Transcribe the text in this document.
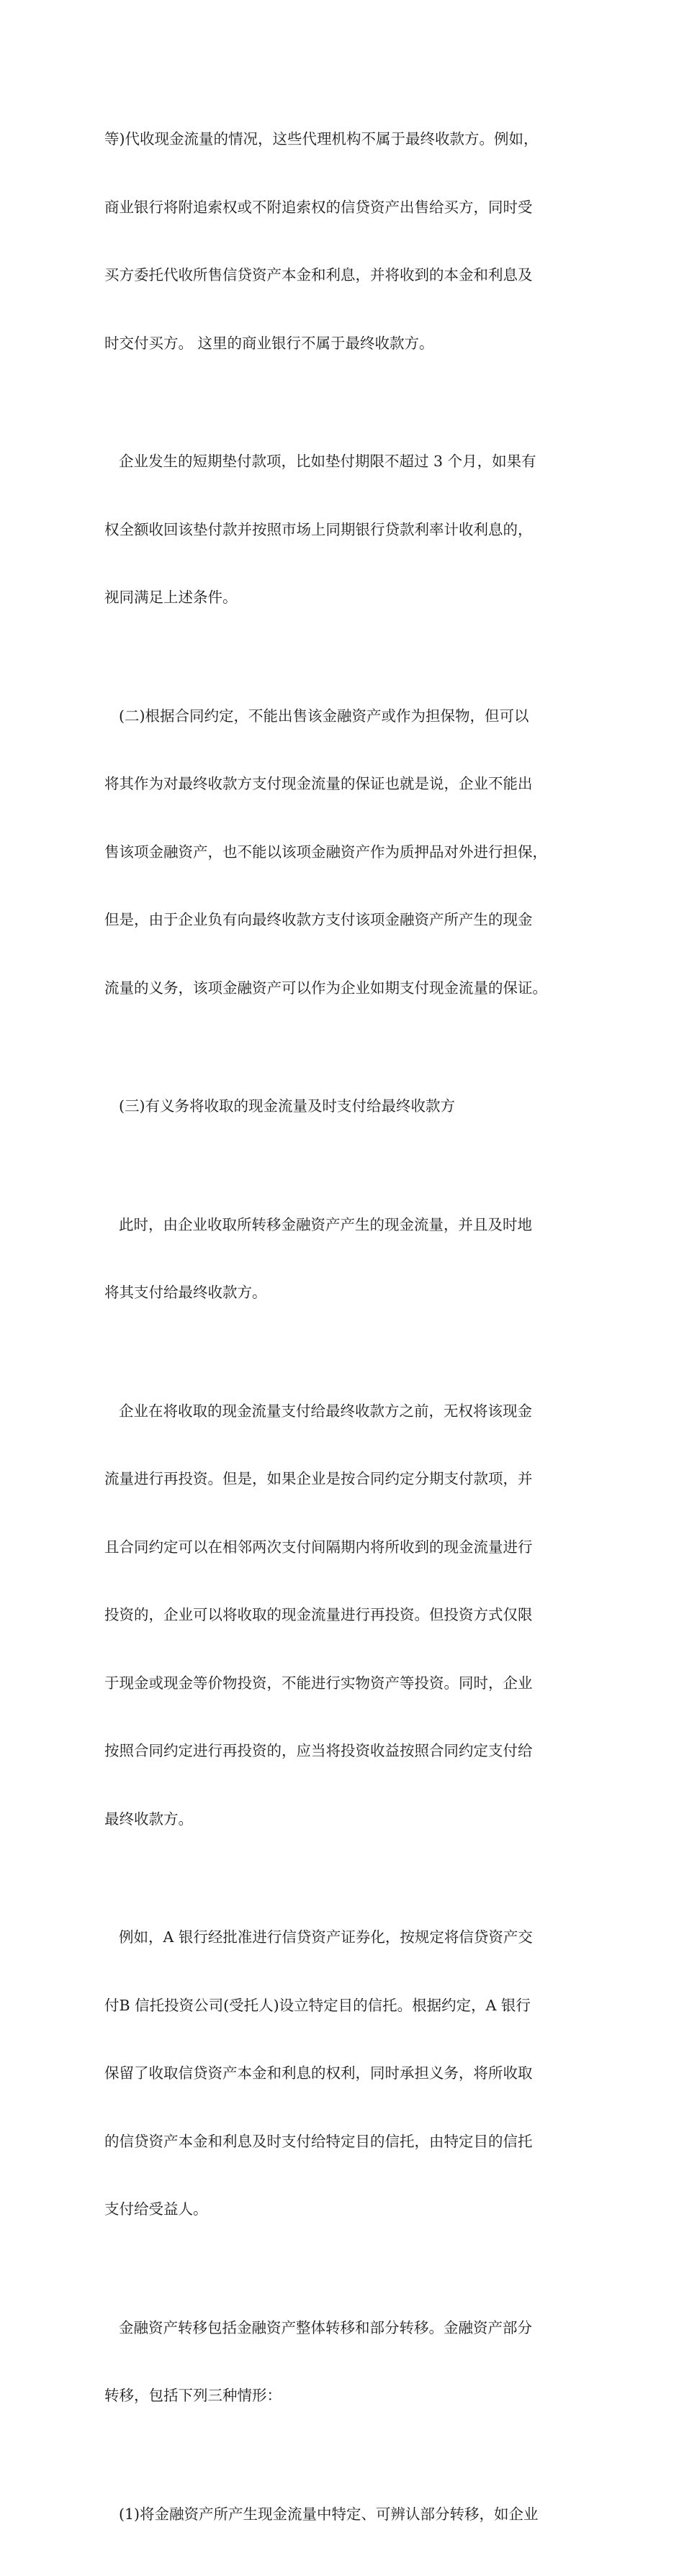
等)代收现金流量的情况，这些代理机构不属于最终收款方。例如，

商业银行将附追索权或不附追索权的信贷资产出售给买方，同时受

买方委托代收所售信贷资产本金和利息，并将收到的本金和利息及

时交付买方。 这里的商业银行不属于最终收款方。

企业发生的短期垫付款项，比如垫付期限不超过 3 个月，如果有

权全额收回该垫付款并按照市场上同期银行贷款利率计收利息的，

视同满足上述条件。

(二)根据合同约定，不能出售该金融资产或作为担保物，但可以

将其作为对最终收款方支付现金流量的保证也就是说，企业不能出

售该项金融资产，也不能以该项金融资产作为质押品对外进行担保，

但是，由于企业负有向最终收款方支付该项金融资产所产生的现金

流量的义务，该项金融资产可以作为企业如期支付现金流量的保证。

(三)有义务将收取的现金流量及时支付给最终收款方

此时，由企业收取所转移金融资产产生的现金流量，并且及时地

将其支付给最终收款方。

企业在将收取的现金流量支付给最终收款方之前，无权将该现金

流量进行再投资。但是，如果企业是按合同约定分期支付款项，并

且合同约定可以在相邻两次支付间隔期内将所收到的现金流量进行

投资的，企业可以将收取的现金流量进行再投资。但投资方式仅限

于现金或现金等价物投资，不能进行实物资产等投资。同时，企业

按照合同约定进行再投资的，应当将投资收益按照合同约定支付给

最终收款方。

例如，A 银行经批准进行信贷资产证券化，按规定将信贷资产交

付B 信托投资公司(受托人)设立特定目的信托。根据约定，A 银行

保留了收取信贷资产本金和利息的权利，同时承担义务，将所收取

的信贷资产本金和利息及时支付给特定目的信托，由特定目的信托

支付给受益人。

金融资产转移包括金融资产整体转移和部分转移。金融资产部分

转移，包括下列三种情形：

(1)将金融资产所产生现金流量中特定、可辨认部分转移，如企业
